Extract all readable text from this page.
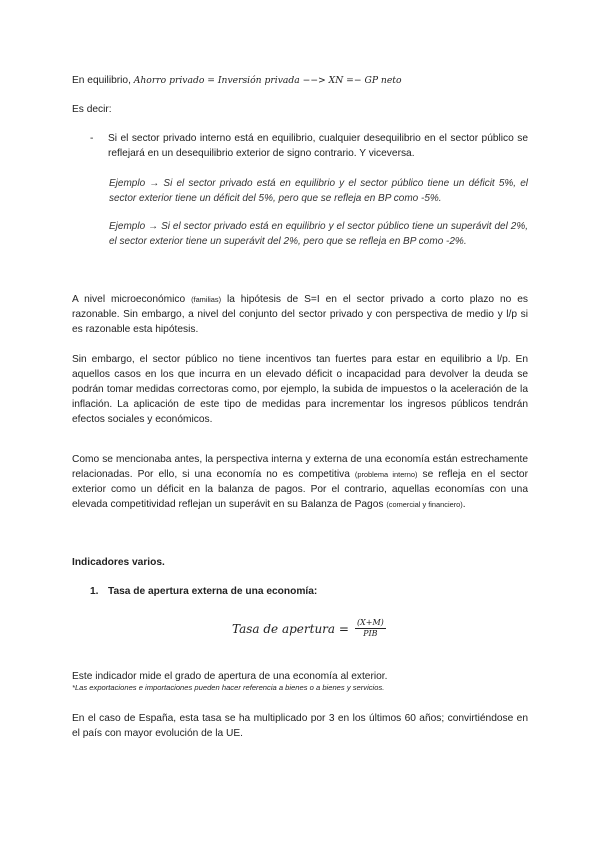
En equilibrio, Ahorro privado = Inversión privada −−> XN =− GP neto
Es decir:
- Si el sector privado interno está en equilibrio, cualquier desequilibrio en el sector público se reflejará en un desequilibrio exterior de signo contrario. Y viceversa.
Ejemplo → Si el sector privado está en equilibrio y el sector público tiene un déficit 5%, el sector exterior tiene un déficit del 5%, pero que se refleja en BP como -5%.
Ejemplo → Si el sector privado está en equilibrio y el sector público tiene un superávit del 2%, el sector exterior tiene un superávit del 2%, pero que se refleja en BP como -2%.
A nivel microeconómico (familias) la hipótesis de S=I en el sector privado a corto plazo no es razonable. Sin embargo, a nivel del conjunto del sector privado y con perspectiva de medio y l/p si es razonable esta hipótesis.
Sin embargo, el sector público no tiene incentivos tan fuertes para estar en equilibrio a l/p. En aquellos casos en los que incurra en un elevado déficit o incapacidad para devolver la deuda se podrán tomar medidas correctoras como, por ejemplo, la subida de impuestos o la aceleración de la inflación. La aplicación de este tipo de medidas para incrementar los ingresos públicos tendrán efectos sociales y económicos.
Como se mencionaba antes, la perspectiva interna y externa de una economía están estrechamente relacionadas. Por ello, si una economía no es competitiva (problema interno) se refleja en el sector exterior como un déficit en la balanza de pagos. Por el contrario, aquellas economías con una elevada competitividad reflejan un superávit en su Balanza de Pagos (comercial y financiero).
Indicadores varios.
1. Tasa de apertura externa de una economía:
Tasa de apertura = $\frac{(X+M)}{\text{PIB}}$
Este indicador mide el grado de apertura de una economía al exterior.
*Las exportaciones e importaciones pueden hacer referencia a bienes o a bienes y servicios.
En el caso de España, esta tasa se ha multiplicado por 3 en los últimos 60 años; convirtiéndose en el país con mayor evolución de la UE.
